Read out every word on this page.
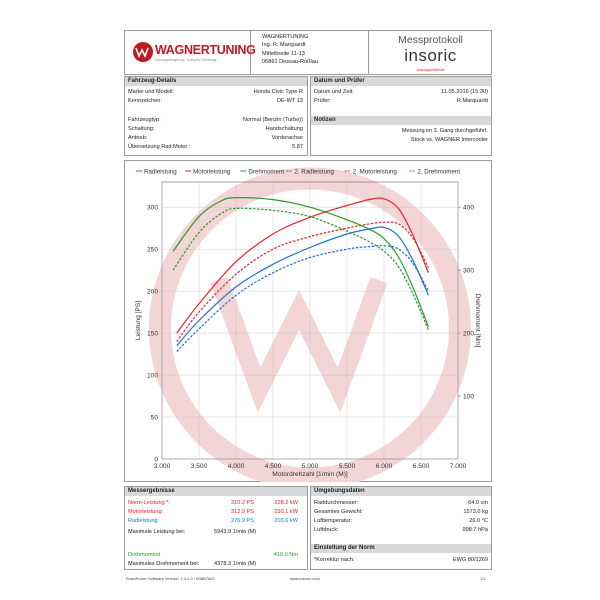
WAGNERTUNING
Leistungssteigerung / Tuning fur Fahrzeuge
WAGNERTUNING
Ing. R. Marquardt
Mittelbreite 11-13
06861 Dessau-Roßlau
Messprotokoll
insoric
leistungsprüfstände
Fahrzeug-Details
Marke und Modell:	Honda Civic Type R
Kennzeichen:	DE-WT 13
Fahrzeugtyp:	Normal (Benzin (Turbo))
Schaltung:	Handschaltung
Antrieb:	Vorderachse
Übersetzung Rad:Motor :	5.87
Datum und Prüfer
Datum und Zeit:	11.05.2016 (15:30)
Prüfer:	R.Marquardt
Notizen
Messung im 3. Gang durchgeführt.
Stock vs. WAGNER Intercooler
Radleistung	Motorleistung	Drehmoment 2. Radleistung	2. Motorleistung	2. Drehmoment
3.000	3.500	4.000	4.500	5.000	5.500	6.000	6.500	7.000
0
50
100
150
200
250
300
100
200
300
400
Motordrehzahl [1/min (M)]
Leistung [PS]	Drehmoment [Nm]
Messergebnisse
Norm-Leistung *:	310.2 PS	228.2 kW
Motorleistung:	312.9 PS	230.1 kW
Radleistung:	276.9 PS	203.6 kW
Maximale Leistung bei:	5943.9 1/min (M)
Drehmoment	418.0 Nm
Maximales Drehmoment bei:	4378.3 1/min (M)
Umgebungsdaten
Raddurchmesser:	64.0 cm
Gesamtes Gewicht:	1573.0 kg
Lufttemperatur:	26.0 °C
Luftdruck:	998.7 hPa
Einstellung der Norm
*Korrektur nach:	EWG 80/1269
RoadPower Software Version: 1.4.2.0 / 00BB7662	www.insoric.com	1/1
